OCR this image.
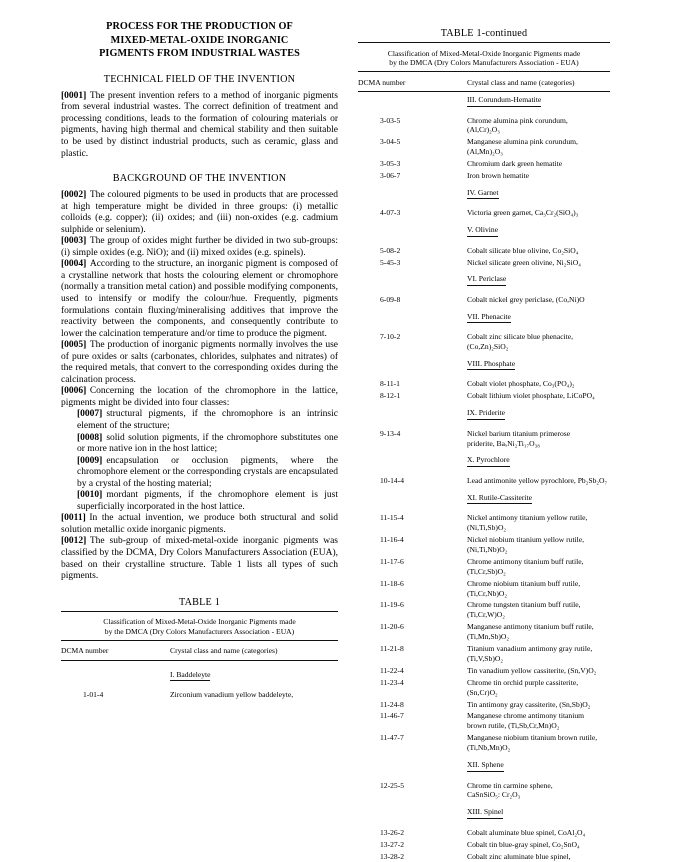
PROCESS FOR THE PRODUCTION OF
MIXED-METAL-OXIDE INORGANIC
PIGMENTS FROM INDUSTRIAL WASTES
TECHNICAL FIELD OF THE INVENTION

[0001] The present invention refers to a method of inorganic pigments from several industrial wastes. The correct definition of treatment and processing conditions, leads to the formation of colouring materials or pigments, having high thermal and chemical stability and then suitable to be used by distinct industrial products, such as ceramic, glass and plastic.

BACKGROUND OF THE INVENTION

[0002] The coloured pigments to be used in products that are processed at high temperature might be divided in three groups: (i) metallic colloids (e.g. copper); (ii) oxides; and (iii) non-oxides (e.g. cadmium sulphide or selenium).

[0003] The group of oxides might further be divided in two sub-groups: (i) simple oxides (e.g. NiO); and (ii) mixed oxides (e.g. spinels).

[0004] According to the structure, an inorganic pigment is composed of a crystalline network that hosts the colouring element or chromophore (normally a transition metal cation) and possible modifying components, used to intensify or modify the colour/hue. Frequently, pigments formulations contain fluxing/mineralising additives that improve the reactivity between the components, and consequently contribute to lower the calcination temperature and/or time to produce the pigment.

[0005] The production of inorganic pigments normally involves the use of pure oxides or salts (carbonates, chlorides, sulphates and nitrates) of the required metals, that convert to the corresponding oxides during the calcination process.

[0006] Concerning the location of the chromophore in the lattice, pigments might be divided into four classes:

[0007] structural pigments, if the chromophore is an intrinsic element of the structure;

[0008] solid solution pigments, if the chromophore substitutes one or more native ion in the host lattice;

[0009] encapsulation or occlusion pigments, where the chromophore element or the corresponding crystals are encapsulated by a crystal of the hosting material;

[0010] mordant pigments, if the chromophore element is just superficially incorporated in the host lattice.

[0011] In the actual invention, we produce both structural and solid solution metallic oxide inorganic pigments.

[0012] The sub-group of mixed-metal-oxide inorganic pigments was classified by the DCMA, Dry Colors Manufacturers Association (EUA), based on their crystalline structure. Table 1 lists all types of such pigments.

TABLE 1

Classification of Mixed-Metal-Oxide Inorganic Pigments made
by the DMCA (Dry Colors Manufacturers Association - EUA)	

DCMA number	Crystal class and name (categories)

	I. Baddeleyte

1-01-4	Zirconium vanadium yellow baddeleyte,
TABLE 1-continued

Classification of Mixed-Metal-Oxide Inorganic Pigments made
by the DMCA (Dry Colors Manufacturers Association - EUA)	

DCMA number	Crystal class and name (categories)

	III. Corundum-Hematite

3-03-5	Chrome alumina pink corundum,
(Al,Cr)₂O₃
3-04-5	Manganese alumina pink corundum,
(Al,Mn)₂O₃
3-05-3	Chromium dark green hematite
3-06-7	Iron brown hematite

	IV. Garnet

4-07-3	Victoria green garnet, Ca₃Cr₂(SiO₄)₃

	V. Olivine

5-08-2	Cobalt silicate blue olivine, Co₂SiO₄
5-45-3	Nickel silicate green olivine, Ni₂SiO₄

	VI. Periclase

6-09-8	Cobalt nickel grey periclase, (Co,Ni)O

	VII. Phenacite

7-10-2	Cobalt zinc silicate blue phenacite,
(Co,Zn)₂SiO₂

	VIII. Phosphate

8-11-1	Cobalt violet phosphate, Co₃(PO₄)₂
8-12-1	Cobalt lithium violet phosphate, LiCoPO₄

	IX. Priderite

9-13-4	Nickel barium titanium primerose
priderite, BaₓNi₂Ti₁₇O₃₈

	X. Pyrochlore

10-14-4	Lead antimonite yellow pyrochlore, Pb₂Sb₂O₇

	XI. Rutile-Cassiterite

11-15-4	Nickel antimony titanium yellow rutile,
(Ni,Ti,Sb)O₂
11-16-4	Nickel niobium titanium yellow rutile,
(Ni,Ti,Nb)O₂
11-17-6	Chrome antimony titanium buff rutile,
(Ti,Cr,Sb)O₂
11-18-6	Chrome niobium titanium buff rutile,
(Ti,Cr,Nb)O₂
11-19-6	Chrome tungsten titanium buff rutile,
(Ti,Cr,W)O₂
11-20-6	Manganese antimony titanium buff rutile,
(Ti,Mn,Sb)O₂
11-21-8	Titanium vanadium antimony gray rutile,
(Ti,V,Sb)O₂
11-22-4	Tin vanadium yellow cassiterite, (Sn,V)O₂
11-23-4	Chrome tin orchid purple cassiterite,
(Sn,Cr)O₂
11-24-8	Tin antimony gray cassiterite, (Sn,Sb)O₂
11-46-7	Manganese chrome antimony titanium
brown rutile, (Ti,Sb,Cr,Mn)O₂
11-47-7	Manganese niobium titanium brown rutile,
(Ti,Nb,Mn)O₂

	XII. Sphene

12-25-5	Chrome tin carmine sphene,
CaSnSiO₅: Cr₂O₃

	XIII. Spinel

13-26-2	Cobalt aluminate blue spinel, CoAl₂O₄
13-27-2	Cobalt tin blue-gray spinel, Co₂SnO₄
13-28-2	Cobalt zinc aluminate blue spinel,
